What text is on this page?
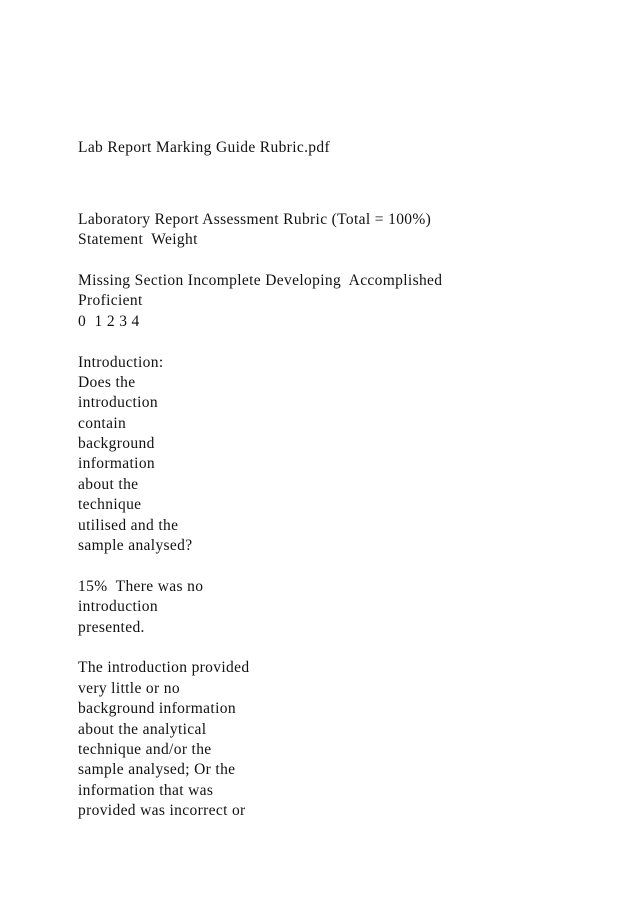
Lab Report Marking Guide Rubric.pdf
Laboratory Report Assessment Rubric (Total = 100%)
Statement  Weight
Missing Section Incomplete Developing  Accomplished
Proficient
0  1 2 3 4
Introduction:
Does the
introduction
contain
background
information
about the
technique
utilised and the
sample analysed?
15%  There was no
introduction
presented.
The introduction provided
very little or no
background information
about the analytical
technique and/or the
sample analysed; Or the
information that was
provided was incorrect or
